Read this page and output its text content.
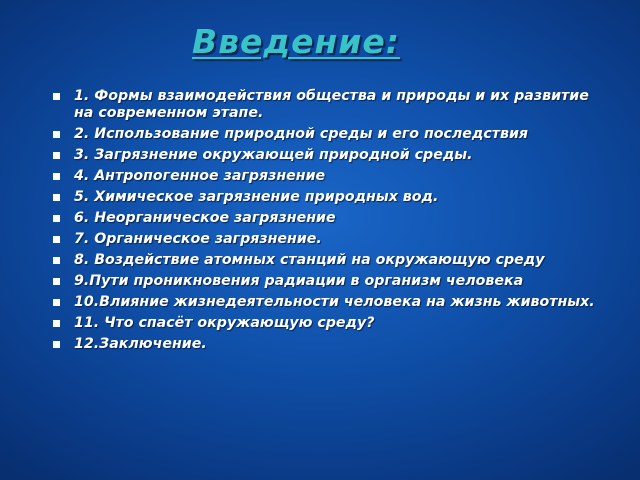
Введение:
1. Формы взаимодействия общества и природы и их развитие на современном этапе.
2. Использование природной среды и его последствия
3. Загрязнение окружающей природной среды.
4. Антропогенное загрязнение
5. Химическое загрязнение природных вод.
6. Неорганическое загрязнение
7. Органическое загрязнение.
8. Воздействие атомных станций на окружающую среду
9.Пути проникновения радиации в организм человека
10.Влияние жизнедеятельности человека на жизнь животных.
11. Что спасёт окружающую среду?
12.Заключение.
